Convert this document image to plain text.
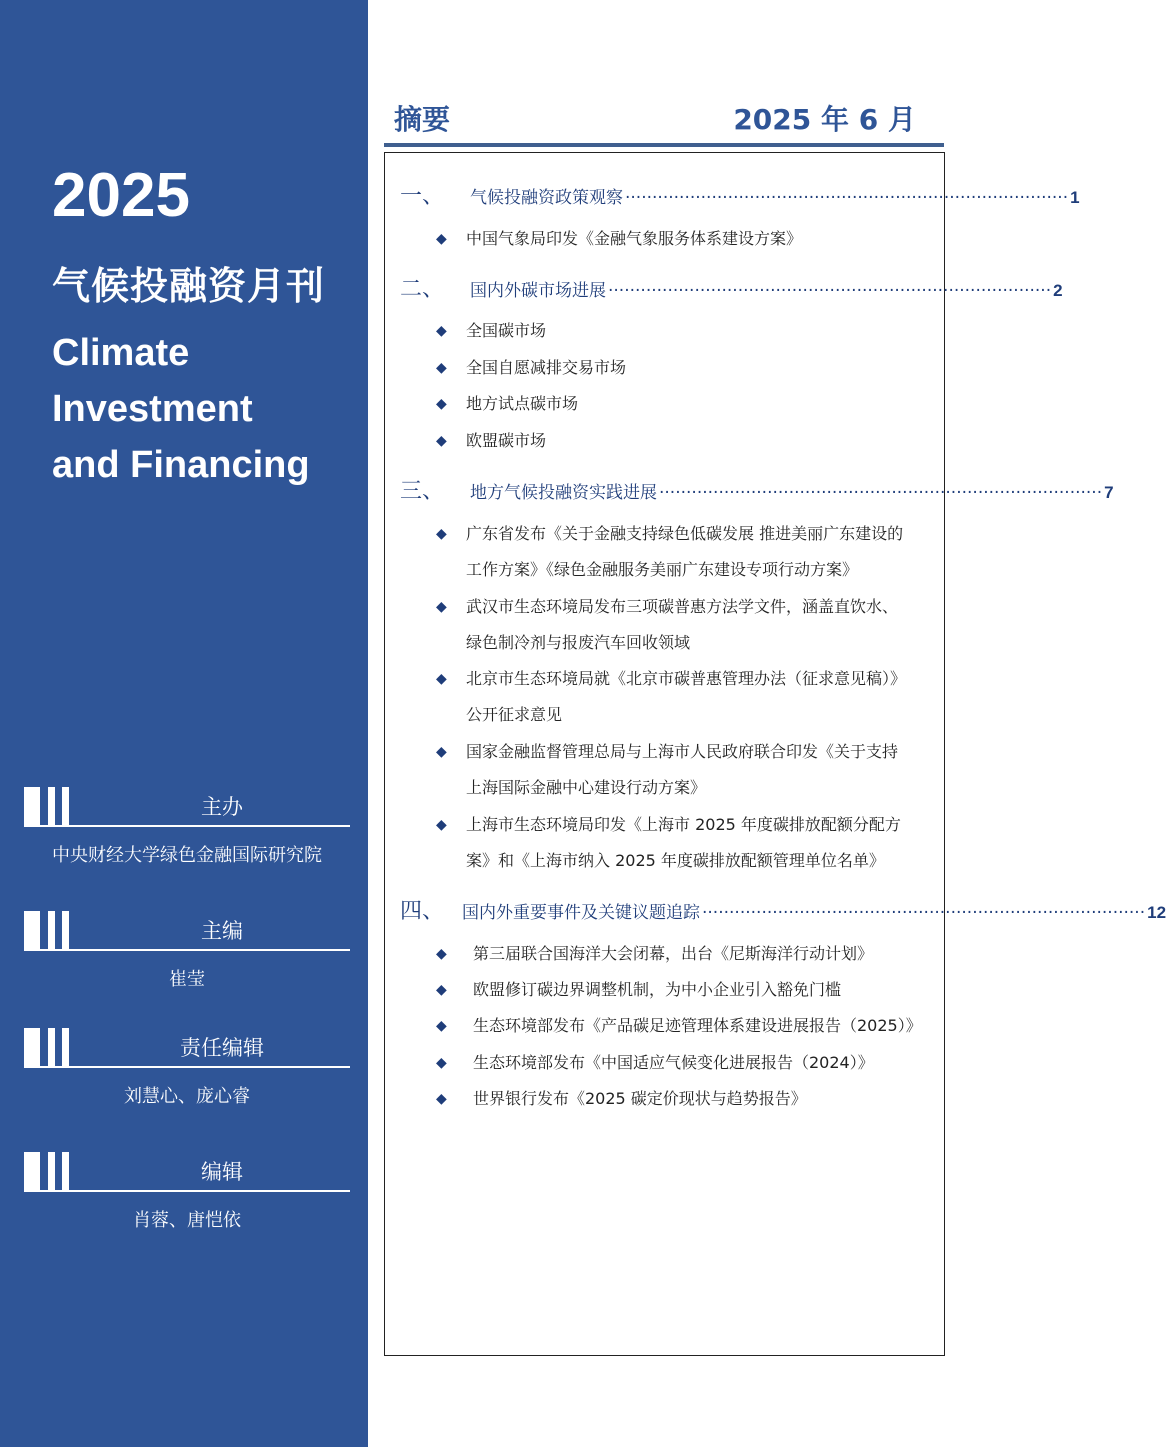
2025
气候投融资月刊
Climate
Investment
and Financing
主办
中央财经大学绿色金融国际研究院
主编
崔莹
责任编辑
刘慧心、庞心睿
编辑
肖蓉、唐恺依
摘要	2025 年 6 月
一、 气候投融资政策观察 ·················································································· 1
◆ 中国气象局印发《金融气象服务体系建设方案》
二、 国内外碳市场进展 ·················································································· 2
◆ 全国碳市场
◆ 全国自愿减排交易市场
◆ 地方试点碳市场
◆ 欧盟碳市场
三、 地方气候投融资实践进展 ·················································································· 7
◆ 广东省发布《关于金融支持绿色低碳发展 推进美丽广东建设的
工作方案》《绿色金融服务美丽广东建设专项行动方案》
◆ 武汉市生态环境局发布三项碳普惠方法学文件，涵盖直饮水、
绿色制冷剂与报废汽车回收领域
◆ 北京市生态环境局就《北京市碳普惠管理办法（征求意见稿）》
公开征求意见
◆ 国家金融监督管理总局与上海市人民政府联合印发《关于支持
上海国际金融中心建设行动方案》
◆ 上海市生态环境局印发《上海市 2025 年度碳排放配额分配方
案》和《上海市纳入 2025 年度碳排放配额管理单位名单》
四、 国内外重要事件及关键议题追踪 ·················································································· 12
◆ 第三届联合国海洋大会闭幕，出台《尼斯海洋行动计划》
◆ 欧盟修订碳边界调整机制，为中小企业引入豁免门槛
◆ 生态环境部发布《产品碳足迹管理体系建设进展报告（2025）》
◆ 生态环境部发布《中国适应气候变化进展报告（2024）》
◆ 世界银行发布《2025 碳定价现状与趋势报告》
